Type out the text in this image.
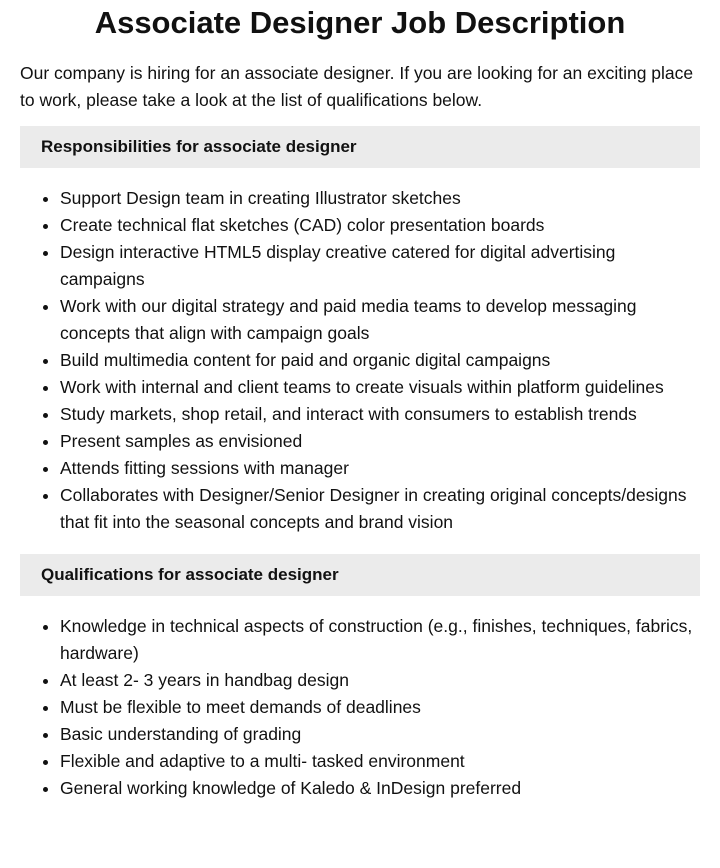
Associate Designer Job Description

Our company is hiring for an associate designer. If you are looking for an exciting place to work, please take a look at the list of qualifications below.

Responsibilities for associate designer
• Support Design team in creating Illustrator sketches
• Create technical flat sketches (CAD) color presentation boards
• Design interactive HTML5 display creative catered for digital advertising campaigns
• Work with our digital strategy and paid media teams to develop messaging concepts that align with campaign goals
• Build multimedia content for paid and organic digital campaigns
• Work with internal and client teams to create visuals within platform guidelines
• Study markets, shop retail, and interact with consumers to establish trends
• Present samples as envisioned
• Attends fitting sessions with manager
• Collaborates with Designer/Senior Designer in creating original concepts/designs that fit into the seasonal concepts and brand vision
Qualifications for associate designer
• Knowledge in technical aspects of construction (e.g., finishes, techniques, fabrics, hardware)
• At least 2- 3 years in handbag design
• Must be flexible to meet demands of deadlines
• Basic understanding of grading
• Flexible and adaptive to a multi- tasked environment
• General working knowledge of Kaledo & InDesign preferred
